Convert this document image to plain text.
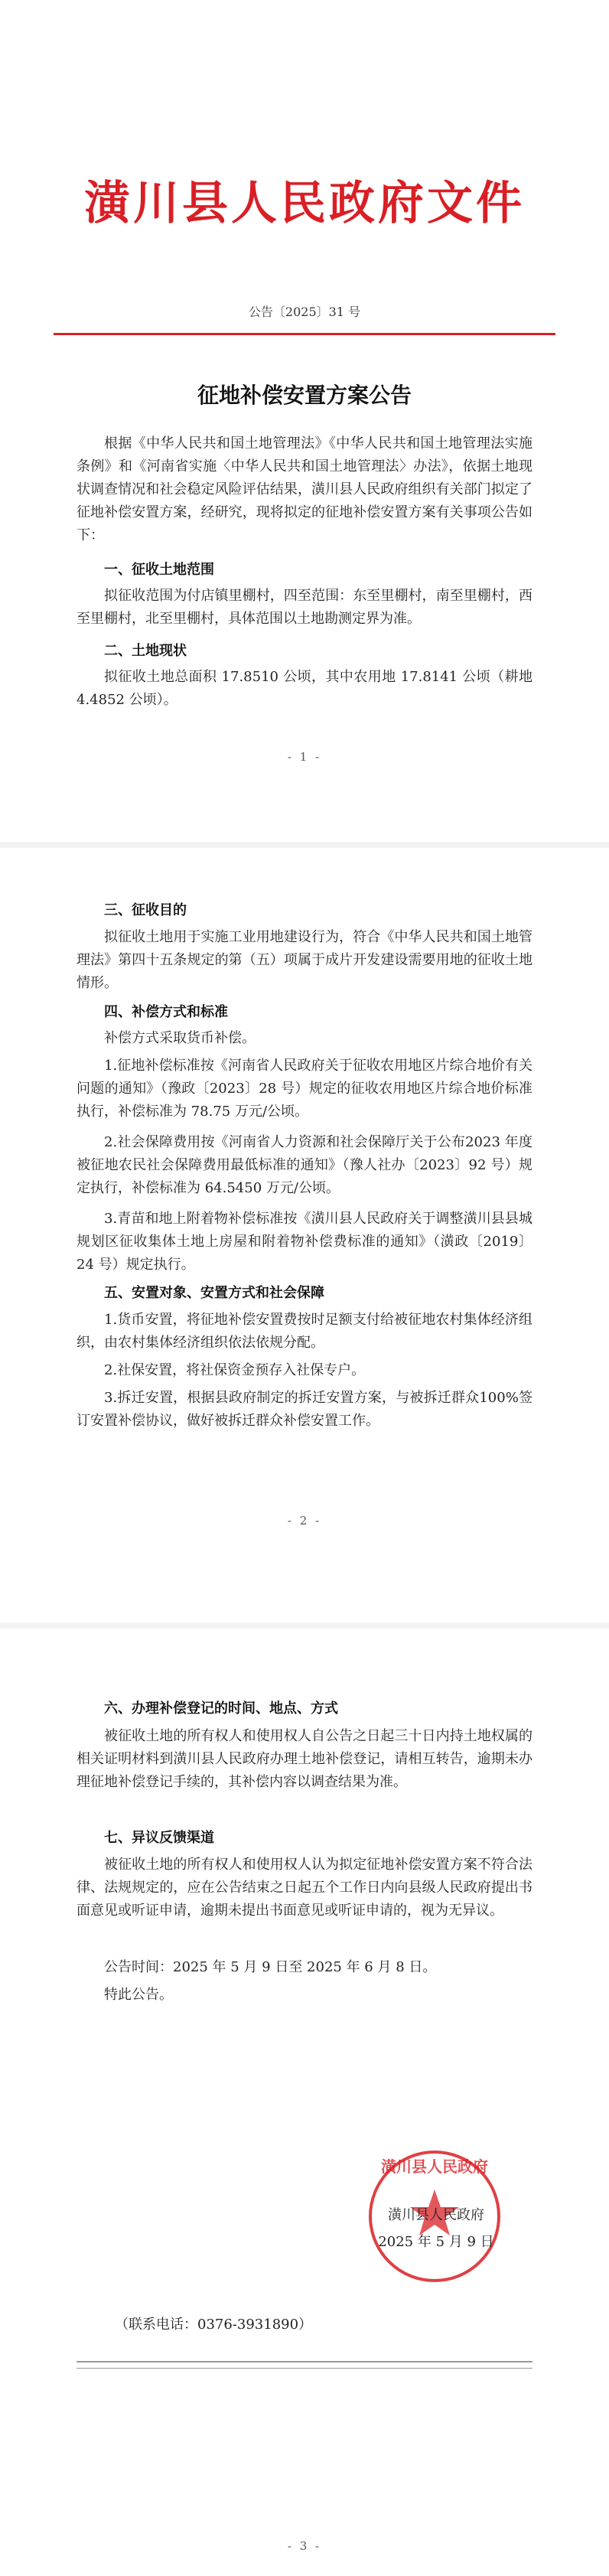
潢川县人民政府文件
公告〔2025〕31 号
征地补偿安置方案公告
根据《中华人民共和国土地管理法》《中华人民共和国土地管理法实施条例》和《河南省实施〈中华人民共和国土地管理法〉办法》，依据土地现状调查情况和社会稳定风险评估结果，潢川县人民政府组织有关部门拟定了征地补偿安置方案，经研究，现将拟定的征地补偿安置方案有关事项公告如下：
一、征收土地范围
拟征收范围为付店镇里棚村，四至范围：东至里棚村，南至里棚村，西至里棚村，北至里棚村，具体范围以土地勘测定界为准。
二、土地现状
拟征收土地总面积 17.8510 公顷，其中农用地 17.8141 公顷（耕地 4.4852 公顷）。
- 1 -
三、征收目的
拟征收土地用于实施工业用地建设行为，符合《中华人民共和国土地管理法》第四十五条规定的第（五）项属于成片开发建设需要用地的征收土地情形。
四、补偿方式和标准
补偿方式采取货币补偿。
1.征地补偿标准按《河南省人民政府关于征收农用地区片综合地价有关问题的通知》（豫政〔2023〕28 号）规定的征收农用地区片综合地价标准执行，补偿标准为 78.75 万元/公顷。
2.社会保障费用按《河南省人力资源和社会保障厅关于公布2023 年度被征地农民社会保障费用最低标准的通知》（豫人社办〔2023〕92 号）规定执行，补偿标准为 64.5450 万元/公顷。
3.青苗和地上附着物补偿标准按《潢川县人民政府关于调整潢川县县城规划区征收集体土地上房屋和附着物补偿费标准的通知》（潢政〔2019〕24 号）规定执行。
五、安置对象、安置方式和社会保障
1.货币安置，将征地补偿安置费按时足额支付给被征地农村集体经济组织，由农村集体经济组织依法依规分配。
2.社保安置，将社保资金预存入社保专户。
3.拆迁安置，根据县政府制定的拆迁安置方案，与被拆迁群众100%签订安置补偿协议，做好被拆迁群众补偿安置工作。
- 2 -
六、办理补偿登记的时间、地点、方式
被征收土地的所有权人和使用权人自公告之日起三十日内持土地权属的相关证明材料到潢川县人民政府办理土地补偿登记，请相互转告，逾期未办理征地补偿登记手续的，其补偿内容以调查结果为准。
七、异议反馈渠道
被征收土地的所有权人和使用权人认为拟定征地补偿安置方案不符合法律、法规规定的，应在公告结束之日起五个工作日内向县级人民政府提出书面意见或听证申请，逾期未提出书面意见或听证申请的，视为无异议。
公告时间：2025 年 5 月 9 日至 2025 年 6 月 8 日。
特此公告。
潢川县人民政府
潢川县人民政府
2025 年 5 月 9 日
（联系电话：0376-3931890）
- 3 -
